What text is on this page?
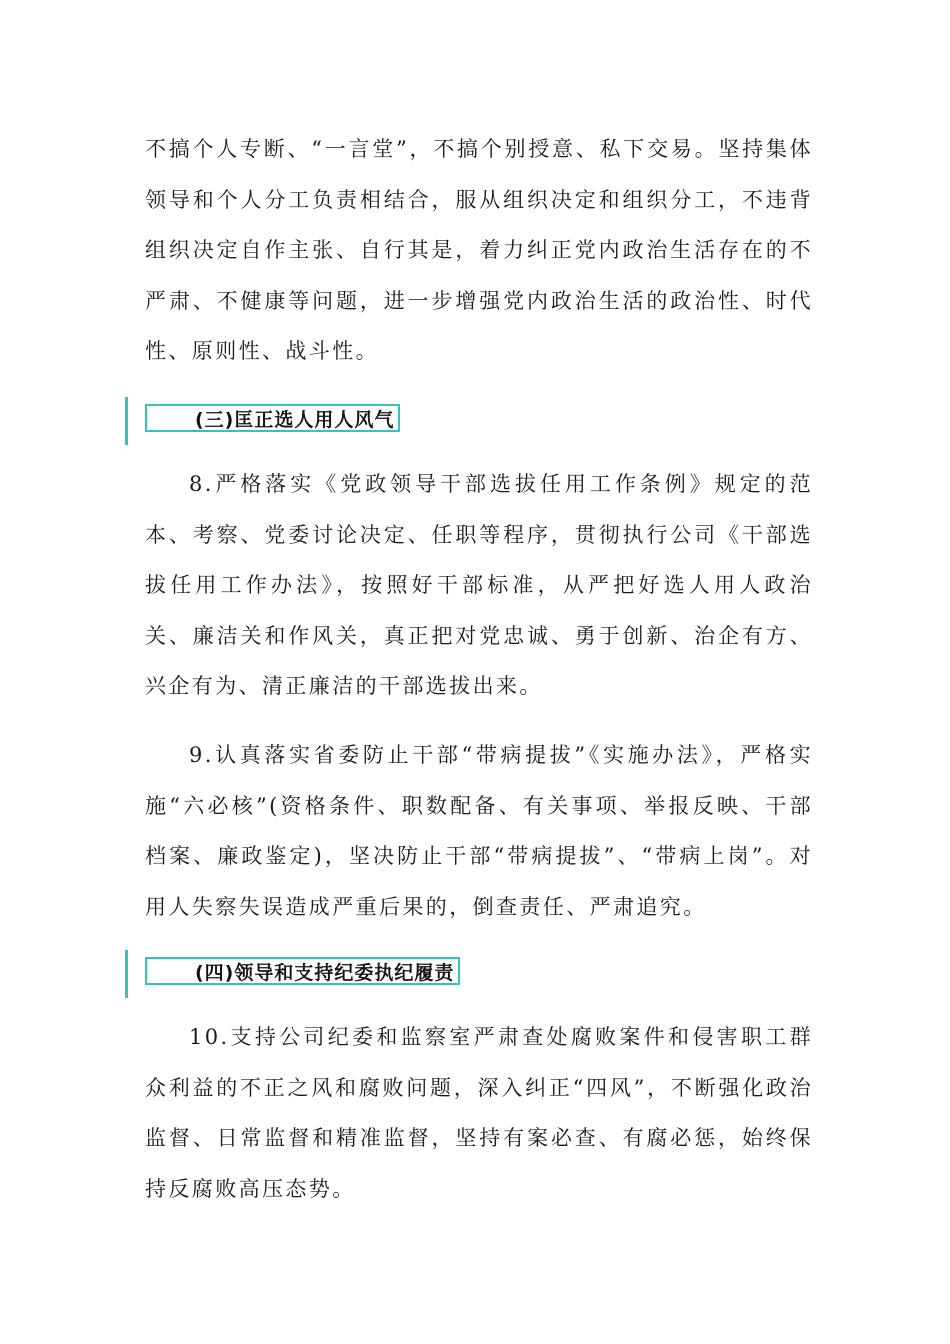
不搞个人专断、“一言堂”，不搞个别授意、私下交易。坚持集体领导和个人分工负责相结合，服从组织决定和组织分工，不违背组织决定自作主张、自行其是，着力纠正党内政治生活存在的不严肃、不健康等问题，进一步增强党内政治生活的政治性、时代性、原则性、战斗性。

(三)匡正选人用人风气

8.严格落实《党政领导干部选拔任用工作条例》规定的范本、考察、党委讨论决定、任职等程序，贯彻执行公司《干部选拔任用工作办法》，按照好干部标准，从严把好选人用人政治关、廉洁关和作风关，真正把对党忠诚、勇于创新、治企有方、兴企有为、清正廉洁的干部选拔出来。

9.认真落实省委防止干部“带病提拔”《实施办法》，严格实施“六必核”(资格条件、职数配备、有关事项、举报反映、干部档案、廉政鉴定)，坚决防止干部“带病提拔”、“带病上岗”。对用人失察失误造成严重后果的，倒查责任、严肃追究。

(四)领导和支持纪委执纪履责

10.支持公司纪委和监察室严肃查处腐败案件和侵害职工群众利益的不正之风和腐败问题，深入纠正“四风”，不断强化政治监督、日常监督和精准监督，坚持有案必查、有腐必惩，始终保持反腐败高压态势。
